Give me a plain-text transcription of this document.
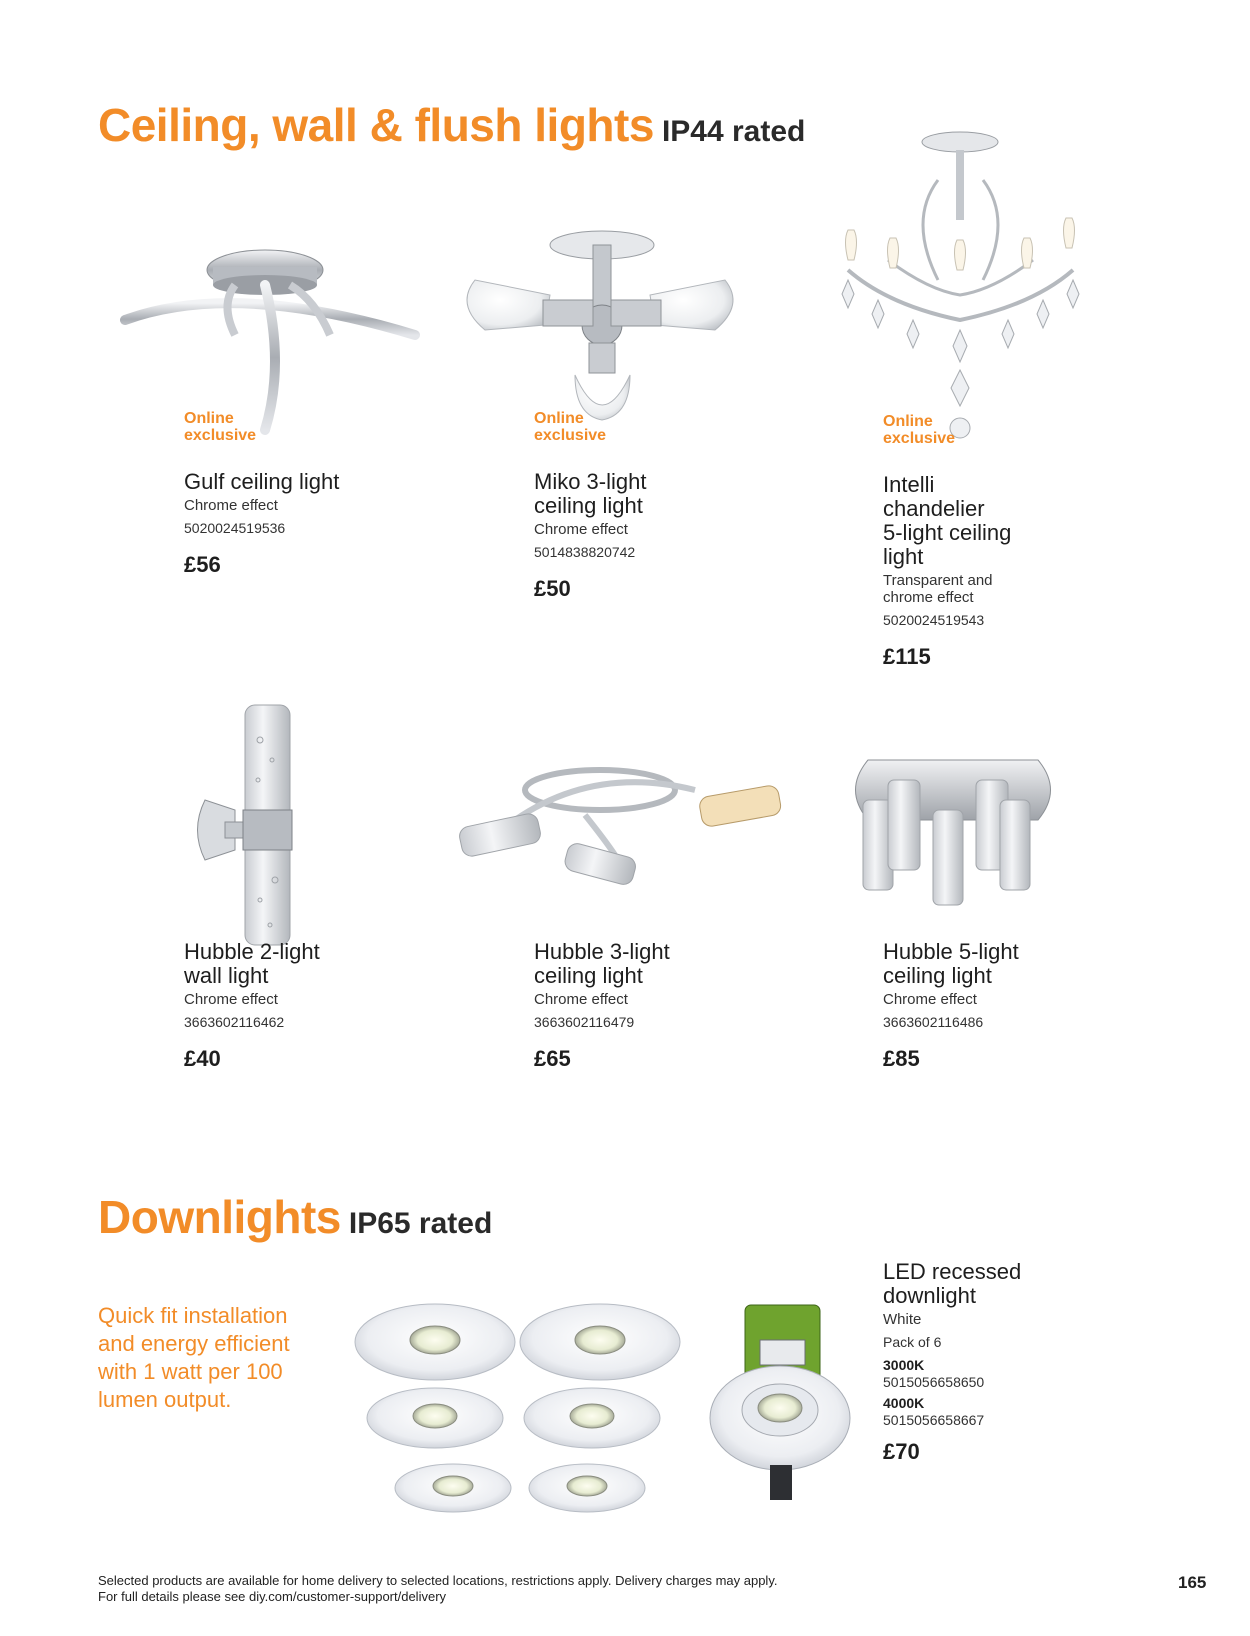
Ceiling, wall & flush lights IP44 rated
Online
exclusive
Gulf ceiling light
Chrome effect
5020024519536
£56
Online
exclusive
Miko 3-light
ceiling light
Chrome effect
5014838820742
£50
Online
exclusive
Intelli
chandelier
5-light ceiling
light
Transparent and
chrome effect
5020024519543
£115
Hubble 2-light
wall light
Chrome effect
3663602116462
£40
Hubble 3-light
ceiling light
Chrome effect
3663602116479
£65
Hubble 5-light
ceiling light
Chrome effect
3663602116486
£85
Downlights IP65 rated
Quick fit installation
and energy efficient
with 1 watt per 100
lumen output.
LED recessed
downlight
White
Pack of 6
3000K
5015056658650
4000K
5015056658667
£70
Selected products are available for home delivery to selected locations, restrictions apply. Delivery charges may apply.
For full details please see diy.com/customer-support/delivery
165
